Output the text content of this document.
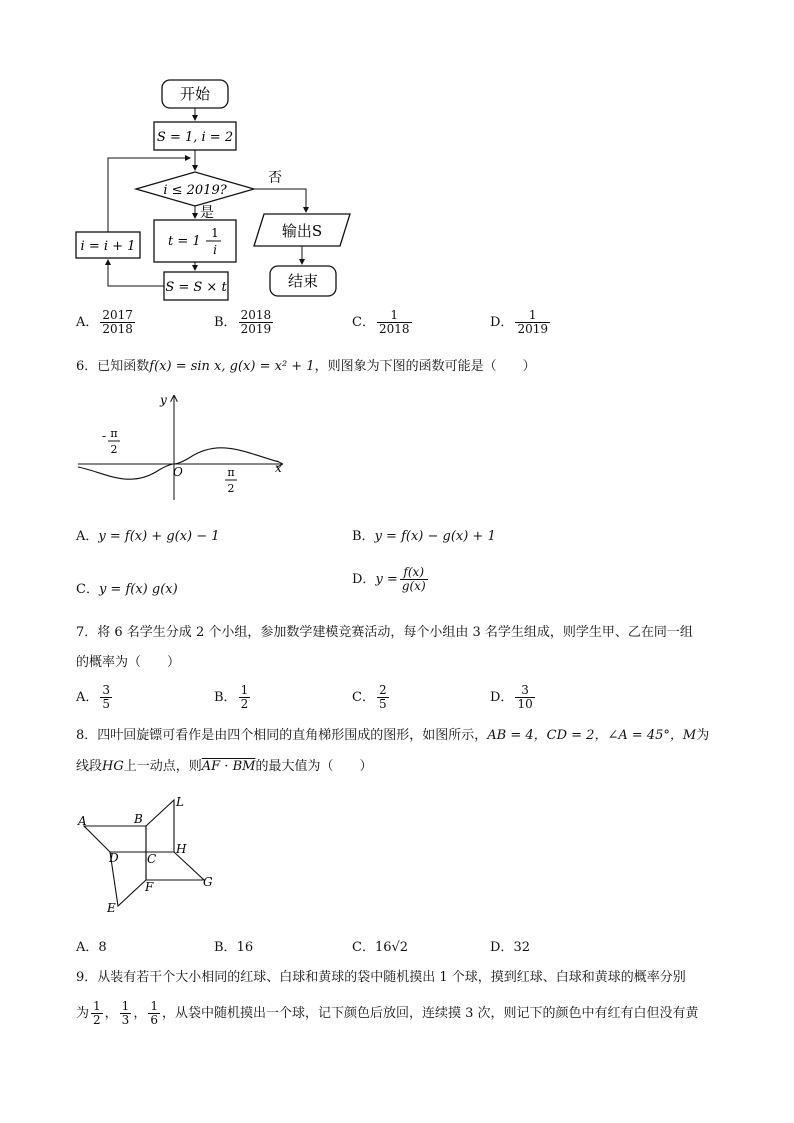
开始
S = 1, i = 2
i ≤ 2019?
否
是
t = 1 −
1
i
S = S × t
i = i + 1
输出S
结束
A． $\frac{2017}{2018}$	B． $\frac{2018}{2019}$	C． $\frac{1}{2018}$	D． $\frac{1}{2019}$
6．已知函数f(x) = sin x, g(x) = x² + 1，则图象为下图的函数可能是（　　）
y
x
O
- π
2
π
2
A．y = f(x) + g(x) − 1	B．y = f(x) − g(x) + 1
C．y = f(x) g(x)
D．$y = \frac{f(x)}{g(x)}$
7．将 6 名学生分成 2 个小组，参加数学建模竞赛活动，每个小组由 3 名学生组成，则学生甲、乙在同一组
的概率为（　　）
A． $\frac{3}{5}$	B． $\frac{1}{2}$	C． $\frac{2}{5}$	D． $\frac{3}{10}$
8．四叶回旋镖可看作是由四个相同的直角梯形围成的图形，如图所示，AB = 4，CD = 2，∠A = 45°，M为
线段HG上一动点，则AF · BM的最大值为（　　）
A	B
L
D C
H
F	G
E
A．8	B．16	C．16√2	D．32
9．从装有若干个大小相同的红球、白球和黄球的袋中随机摸出 1 个球，摸到红球、白球和黄球的概率分别
为 $\frac{1}{2}$ ， $\frac{1}{3}$ ， $\frac{1}{6}$ ，从袋中随机摸出一个球，记下颜色后放回，连续摸 3 次，则记下的颜色中有红有白但没有黄
